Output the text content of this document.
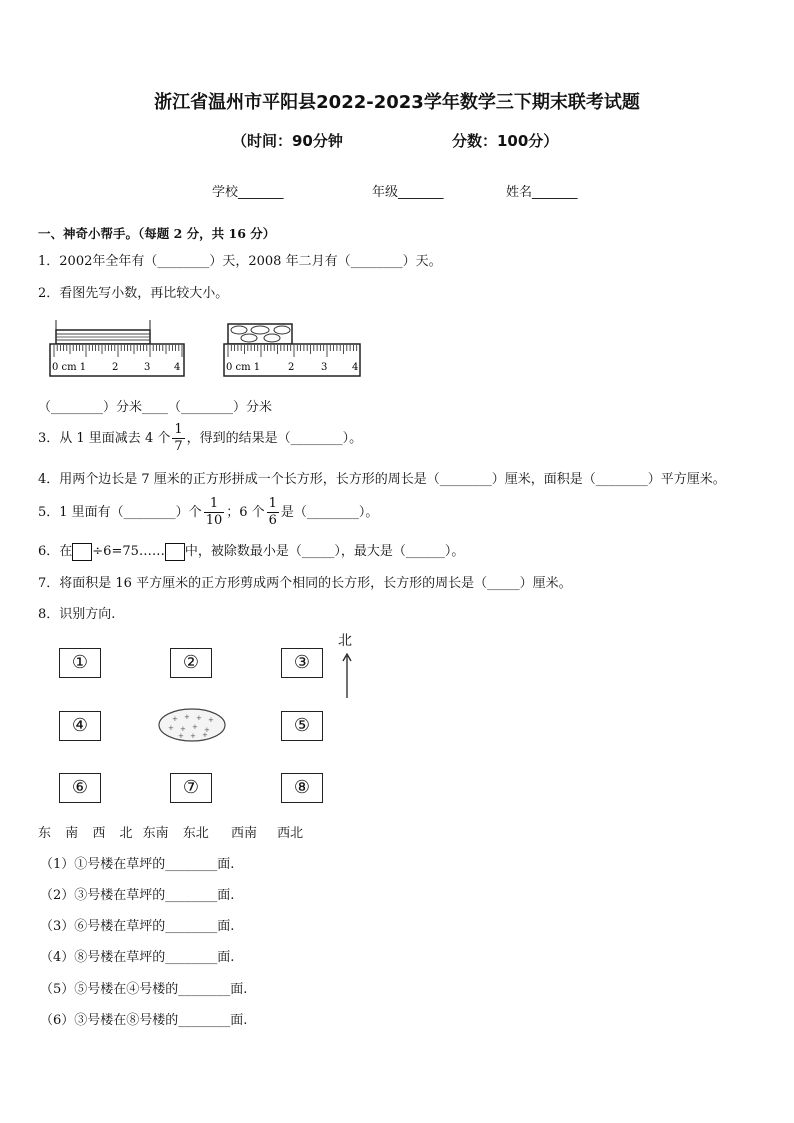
浙江省温州市平阳县2022-2023学年数学三下期末联考试题
（时间：90分钟	分数：100分）
学校_______	年级_______	姓名_______
一、神奇小帮手。（每题 2 分，共 16 分）
1．2002年全年有（________）天，2008 年二月有（________）天。
2．看图先写小数，再比较大小。
0 cm 1	2	3 4	0 cm 1	2	3 4
（________）分米____（________）分米
3．从 1 里面减去 4 个 $\frac{1}{7}$ ，得到的结果是（________）。
4．用两个边长是 7 厘米的正方形拼成一个长方形，长方形的周长是（________）厘米，面积是（________）平方厘米。
5．1 里面有（________）个 $\frac{1}{10}$ ；6 个 $\frac{1}{6}$ 是（________）。
6．在 ÷6=75…… 中，被除数最小是（_____），最大是（______）。
7．将面积是 16 平方厘米的正方形剪成两个相同的长方形，长方形的周长是（_____）厘米。
8．识别方向.
①	②	③
④	⑤
⑥	⑦	⑧
+ + + +
+ + + +
+ + +
北
东 南 西 北 东南 东北 西南 西北
（1）①号楼在草坪的________面.
（2）③号楼在草坪的________面.
（3）⑥号楼在草坪的________面.
（4）⑧号楼在草坪的________面.
（5）⑤号楼在④号楼的________面.
（6）③号楼在⑧号楼的________面.
